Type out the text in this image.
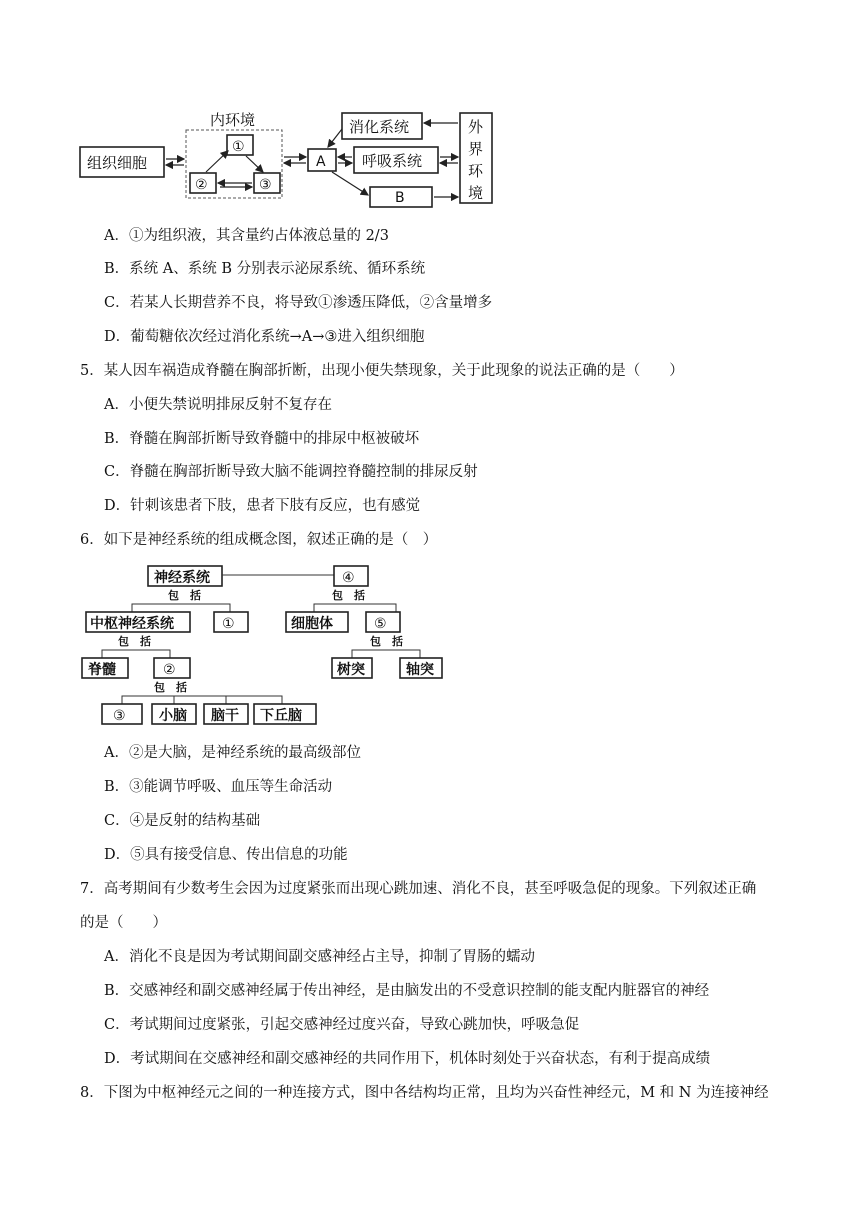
内环境
组织细胞
①
②	③
A
消化系统
呼吸系统
B
外
界
环
境
A．①为组织液，其含量约占体液总量的 2/3
B．系统 A、系统 B 分别表示泌尿系统、循环系统
C．若某人长期营养不良，将导致①渗透压降低，②含量增多
D．葡萄糖依次经过消化系统→A→③进入组织细胞
5．某人因车祸造成脊髓在胸部折断，出现小便失禁现象，关于此现象的说法正确的是（　　）
A．小便失禁说明排尿反射不复存在
B．脊髓在胸部折断导致脊髓中的排尿中枢被破坏
C．脊髓在胸部折断导致大脑不能调控脊髓控制的排尿反射
D．针刺该患者下肢，患者下肢有反应，也有感觉
6．如下是神经系统的组成概念图，叙述正确的是（　）
神经系统	④
包　括	包　括
中枢神经系统	①	细胞体	⑤
包　括	包　括
脊髓	②	树突	轴突
包　括
③ 小脑 脑干 下丘脑
A．②是大脑，是神经系统的最高级部位
B．③能调节呼吸、血压等生命活动
C．④是反射的结构基础
D．⑤具有接受信息、传出信息的功能
7．高考期间有少数考生会因为过度紧张而出现心跳加速、消化不良，甚至呼吸急促的现象。下列叙述正确
的是（　　）
A．消化不良是因为考试期间副交感神经占主导，抑制了胃肠的蠕动
B．交感神经和副交感神经属于传出神经，是由脑发出的不受意识控制的能支配内脏器官的神经
C．考试期间过度紧张，引起交感神经过度兴奋，导致心跳加快，呼吸急促
D．考试期间在交感神经和副交感神经的共同作用下，机体时刻处于兴奋状态，有利于提高成绩
8．下图为中枢神经元之间的一种连接方式，图中各结构均正常，且均为兴奋性神经元，M 和 N 为连接神经
